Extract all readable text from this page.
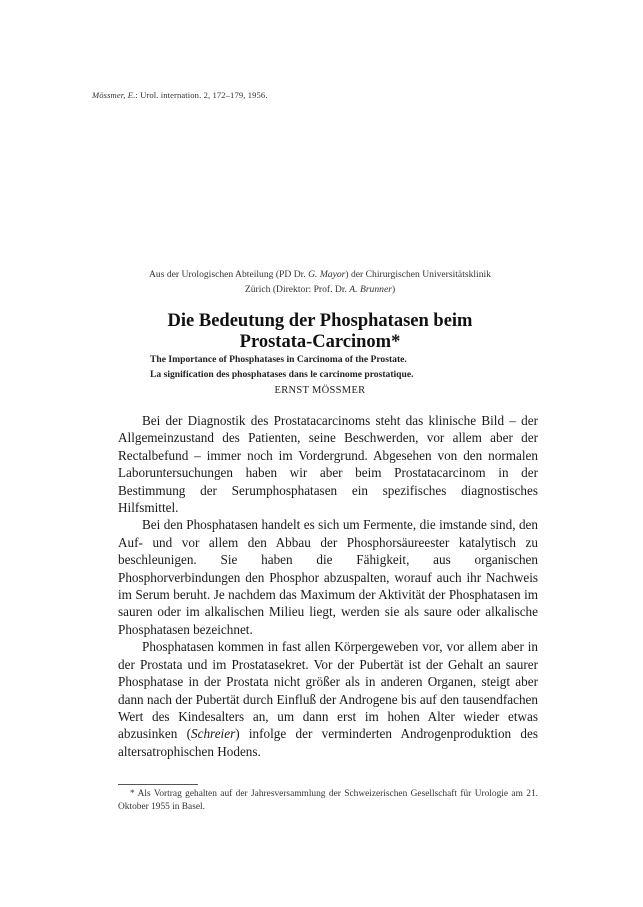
Mössmer, E.: Urol. internation. 2, 172–179, 1956.
Aus der Urologischen Abteilung (PD Dr. G. Mayor) der Chirurgischen Universitätsklinik
Zürich (Direktor: Prof. Dr. A. Brunner)
Die Bedeutung der Phosphatasen beim
Prostata-Carcinom*
The Importance of Phosphatases in Carcinoma of the Prostate.
La signification des phosphatases dans le carcinome prostatique.
ERNST MÖSSMER

Bei der Diagnostik des Prostatacarcinoms steht das klinische Bild – der Allgemeinzustand des Patienten, seine Beschwerden, vor allem aber der Rectalbefund – immer noch im Vordergrund. Abgesehen von den normalen Laboruntersuchungen haben wir aber beim Prostatacarcinom in der Bestimmung der Serumphosphatasen ein spezifisches diagnostisches Hilfsmittel.

Bei den Phosphatasen handelt es sich um Fermente, die imstande sind, den Auf- und vor allem den Abbau der Phosphorsäureester katalytisch zu beschleunigen. Sie haben die Fähigkeit, aus organischen Phosphorverbindungen den Phosphor abzuspalten, worauf auch ihr Nachweis im Serum beruht. Je nachdem das Maximum der Aktivität der Phosphatasen im sauren oder im alkalischen Milieu liegt, werden sie als saure oder alkalische Phosphatasen bezeichnet.

Phosphatasen kommen in fast allen Körpergeweben vor, vor allem aber in der Prostata und im Prostatasekret. Vor der Pubertät ist der Gehalt an saurer Phosphatase in der Prostata nicht größer als in anderen Organen, steigt aber dann nach der Pubertät durch Einfluß der Androgene bis auf den tausendfachen Wert des Kindesalters an, um dann erst im hohen Alter wieder etwas abzusinken (Schreier) infolge der verminderten Androgenproduktion des altersatrophischen Hodens.

* Als Vortrag gehalten auf der Jahresversammlung der Schweizerischen Gesellschaft für Urologie am 21. Oktober 1955 in Basel.
